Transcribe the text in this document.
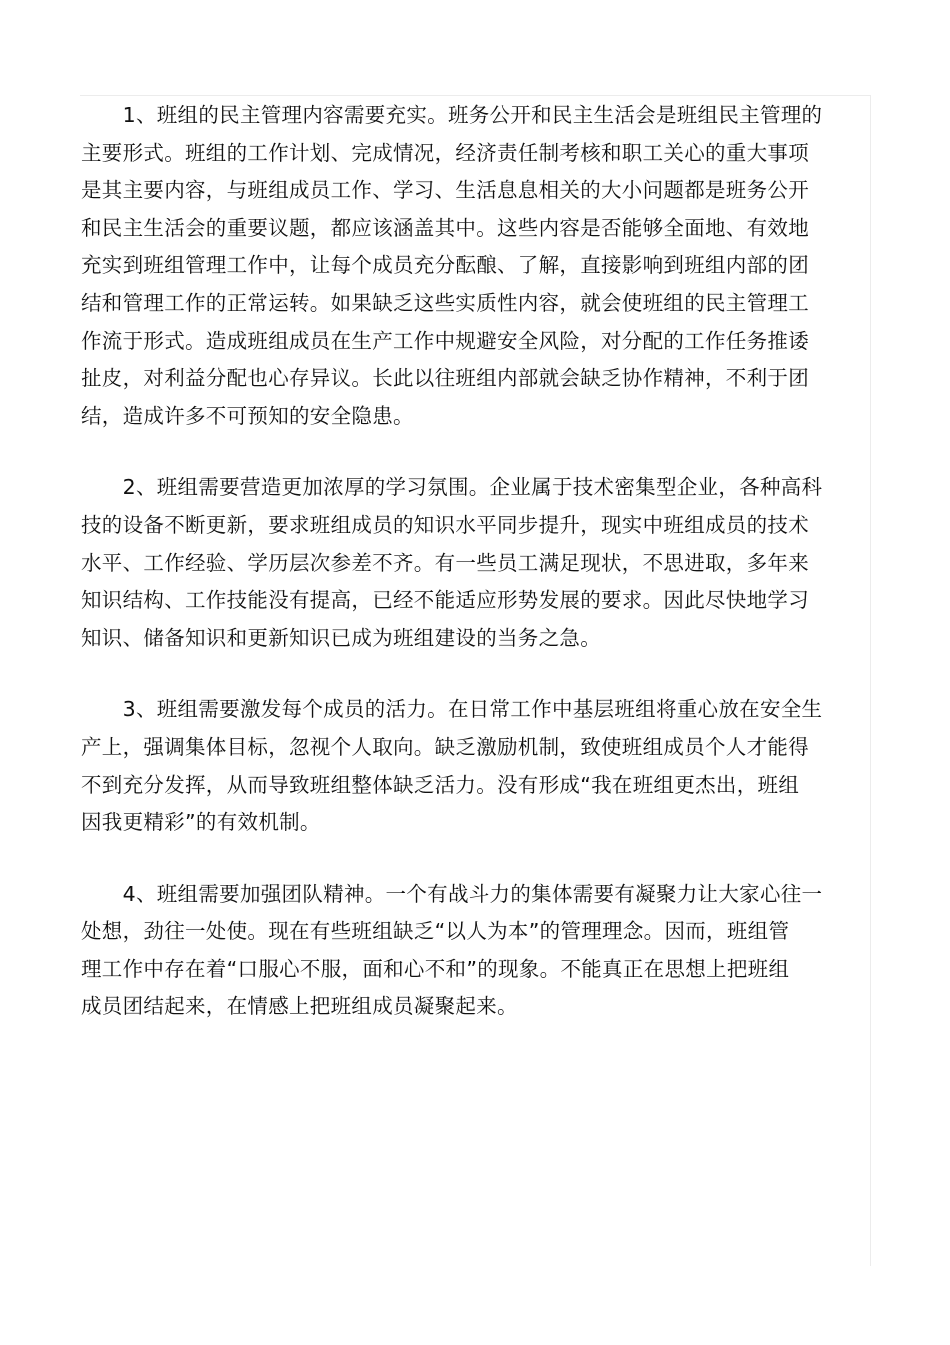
　　1、班组的民主管理内容需要充实。班务公开和民主生活会是班组民主管理的
主要形式。班组的工作计划、完成情况，经济责任制考核和职工关心的重大事项
是其主要内容，与班组成员工作、学习、生活息息相关的大小问题都是班务公开
和民主生活会的重要议题，都应该涵盖其中。这些内容是否能够全面地、有效地
充实到班组管理工作中，让每个成员充分酝酿、了解，直接影响到班组内部的团
结和管理工作的正常运转。如果缺乏这些实质性内容，就会使班组的民主管理工
作流于形式。造成班组成员在生产工作中规避安全风险，对分配的工作任务推诿
扯皮，对利益分配也心存异议。长此以往班组内部就会缺乏协作精神，不利于团
结，造成许多不可预知的安全隐患。
　　2、班组需要营造更加浓厚的学习氛围。企业属于技术密集型企业，各种高科
技的设备不断更新，要求班组成员的知识水平同步提升，现实中班组成员的技术
水平、工作经验、学历层次参差不齐。有一些员工满足现状，不思进取，多年来
知识结构、工作技能没有提高，已经不能适应形势发展的要求。因此尽快地学习
知识、储备知识和更新知识已成为班组建设的当务之急。
　　3、班组需要激发每个成员的活力。在日常工作中基层班组将重心放在安全生
产上，强调集体目标，忽视个人取向。缺乏激励机制，致使班组成员个人才能得
不到充分发挥，从而导致班组整体缺乏活力。没有形成“我在班组更杰出，班组
因我更精彩”的有效机制。
　　4、班组需要加强团队精神。一个有战斗力的集体需要有凝聚力让大家心往一
处想，劲往一处使。现在有些班组缺乏“以人为本”的管理理念。因而，班组管
理工作中存在着“口服心不服，面和心不和”的现象。不能真正在思想上把班组
成员团结起来，在情感上把班组成员凝聚起来。
